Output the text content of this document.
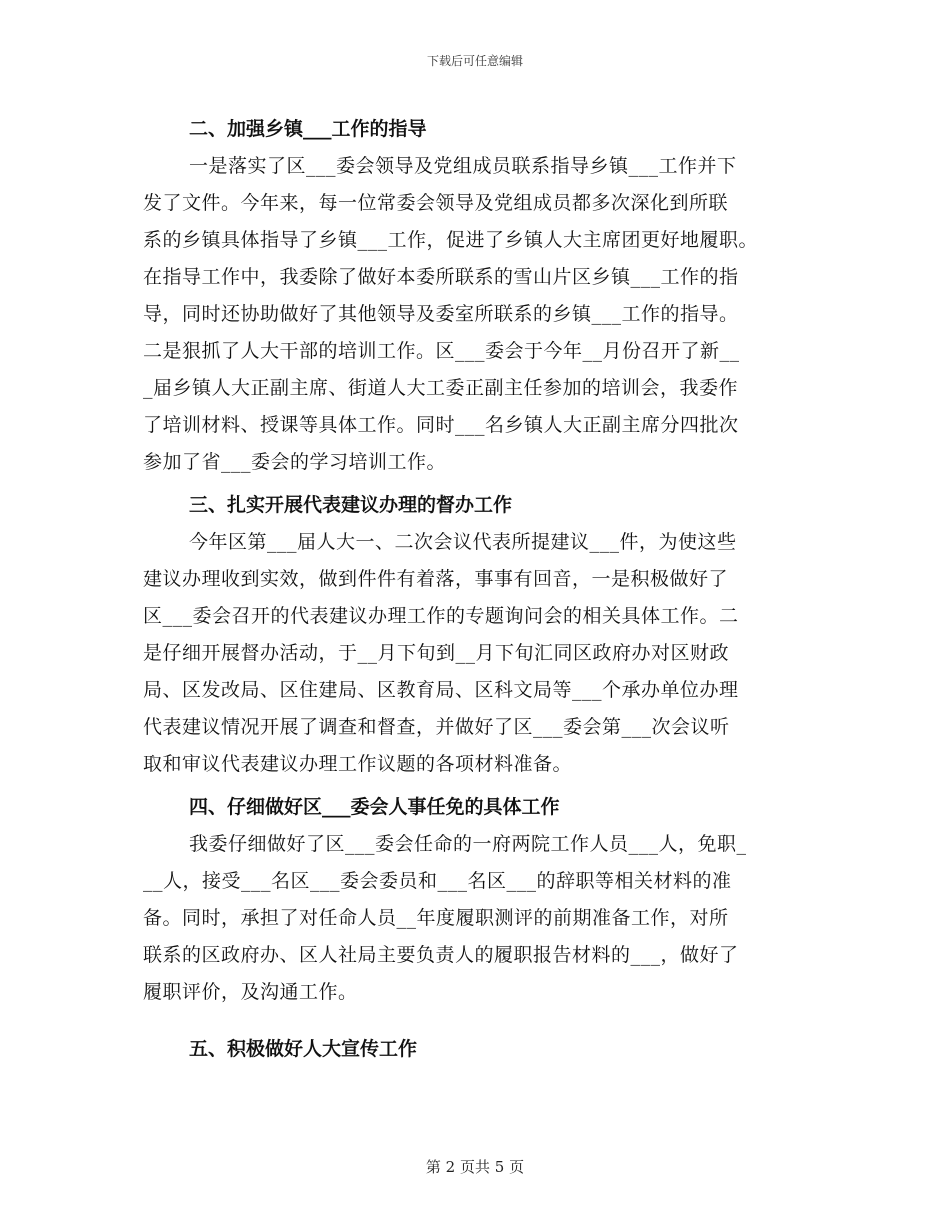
下载后可任意编辑
二、加强乡镇___工作的指导
一是落实了区___委会领导及党组成员联系指导乡镇___工作并下
发了文件。今年来，每一位常委会领导及党组成员都多次深化到所联
系的乡镇具体指导了乡镇___工作，促进了乡镇人大主席团更好地履职。
在指导工作中，我委除了做好本委所联系的雪山片区乡镇___工作的指
导，同时还协助做好了其他领导及委室所联系的乡镇___工作的指导。
二是狠抓了人大干部的培训工作。区___委会于今年__月份召开了新__
_届乡镇人大正副主席、街道人大工委正副主任参加的培训会，我委作
了培训材料、授课等具体工作。同时___名乡镇人大正副主席分四批次
参加了省___委会的学习培训工作。
三、扎实开展代表建议办理的督办工作
今年区第___届人大一、二次会议代表所提建议___件，为使这些
建议办理收到实效，做到件件有着落，事事有回音，一是积极做好了
区___委会召开的代表建议办理工作的专题询问会的相关具体工作。二
是仔细开展督办活动，于__月下旬到__月下旬汇同区政府办对区财政
局、区发改局、区住建局、区教育局、区科文局等___个承办单位办理
代表建议情况开展了调查和督查，并做好了区___委会第___次会议听
取和审议代表建议办理工作议题的各项材料准备。
四、仔细做好区___委会人事任免的具体工作
我委仔细做好了区___委会任命的一府两院工作人员___人，免职_
__人，接受___名区___委会委员和___名区___的辞职等相关材料的准
备。同时，承担了对任命人员__年度履职测评的前期准备工作，对所
联系的区政府办、区人社局主要负责人的履职报告材料的___，做好了
履职评价，及沟通工作。
五、积极做好人大宣传工作
第 2 页共 5 页
